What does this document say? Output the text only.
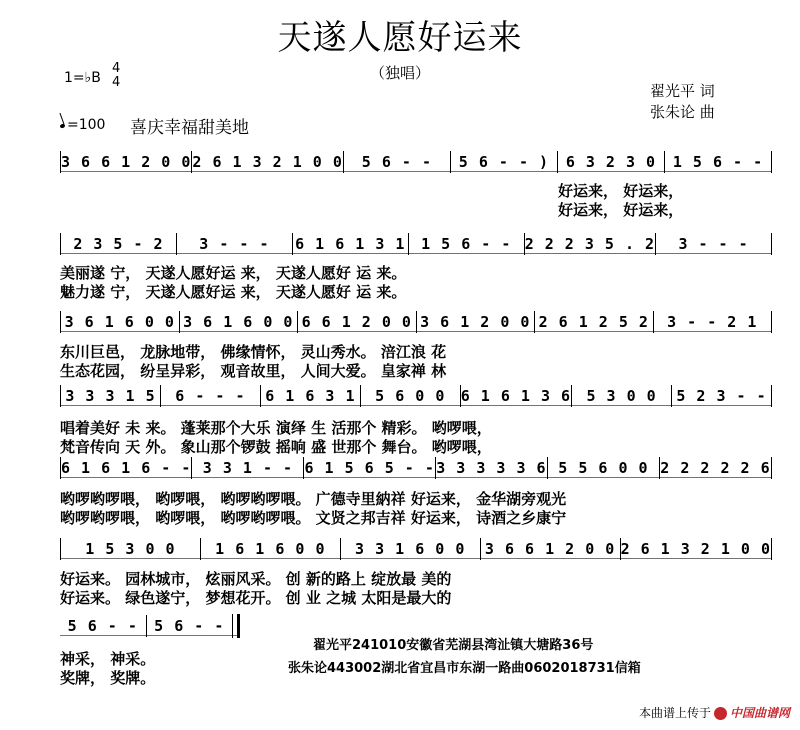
天遂人愿好运来
（独唱）
翟光平 词
张朱论 曲
1=♭B
4
4
=100 喜庆幸福甜美地
3 6 6 1 2 0 0 2 6 1 3 2 1 0 0	5 6 - -	5 6 - - )	6 3 2 3 0	1 5 6 - -
好运来， 好运来，
好运来， 好运来，
2 3 5 - 2	3 - - -	6 1 6 1 3 1	1 5 6 - - 2 2 2 3 5 . 2	3 - - -
美丽遂 宁， 天遂人愿好运 来， 天遂人愿好 运 来。
魅力遂 宁， 天遂人愿好运 来， 天遂人愿好 运 来。
3 6 1 6 0 0 3 6 1 6 0 0 6 6 1 2 0 0 3 6 1 2 0 0 2 6 1 2 5 2	3 - - 2 1
东川巨邑， 龙脉地带， 佛缘情怀， 灵山秀水。 涪江浪 花
生态花园， 纷呈异彩， 观音故里， 人间大爱。 皇家禅 林
3 3 3 1 5	6 - - -	6 1 6 3 1	5 6 0 0	6 1 6 1 3 6	5 3 0 0	5 2 3 - -
唱着美好 未 来。 蓬莱那个大乐 演绎 生 活那个 精彩。 哟啰喂，
梵音传向 天 外。 象山那个锣鼓 摇响 盛 世那个 舞台。 哟啰喂，
6 1 6 1 6 - - 3 3 1 - - 6 1 5 6 5 - - 3 3 3 3 3 6 5 5 6 0 0 2 2 2 2 2 6
哟啰哟啰喂， 哟啰喂， 哟啰哟啰喂。 广德寺里納祥 好运来， 金华湖旁观光
哟啰哟啰喂， 哟啰喂， 哟啰哟啰喂。 文贤之邦吉祥 好运来， 诗酒之乡康宁
1 5 3 0 0	1 6 1 6 0 0	3 3 1 6 0 0	3 6 6 1 2 0 0 2 6 1 3 2 1 0 0
好运来。 园林城市， 炫丽风采。 创 新的路上 绽放最 美的
好运来。 绿色遂宁， 梦想花开。 创 业 之城 太阳是最大的
5 6 - -	5 6 - -
神采， 神采。
奖牌， 奖牌。
翟光平241010安徽省芜湖县湾沚镇大塘路36号
张朱论443002湖北省宜昌市东湖一路曲0602018731信箱
本曲谱上传于 中国曲谱网
